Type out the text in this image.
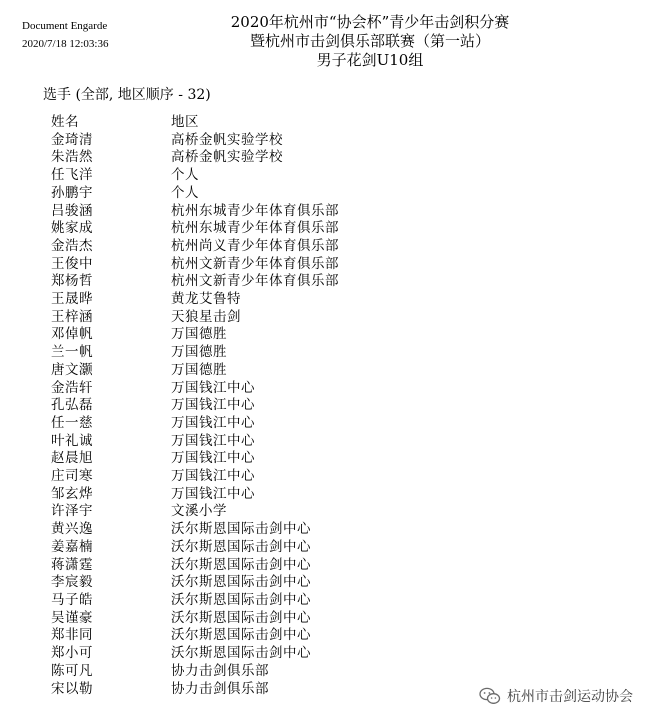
Document Engarde
2020/7/18 12:03:36
2020年杭州市“协会杯”青少年击剑积分赛
暨杭州市击剑俱乐部联赛（第一站）
男子花剑U10组
选手 (全部, 地区顺序 - 32)
姓名	地区
金琦清	高桥金帆实验学校
朱浩然	高桥金帆实验学校
任飞洋	个人
孙鹏宇	个人
吕骏涵	杭州东城青少年体育俱乐部
姚家成	杭州东城青少年体育俱乐部
金浩杰	杭州尚义青少年体育俱乐部
王俊中	杭州文新青少年体育俱乐部
郑杨哲	杭州文新青少年体育俱乐部
王晟晔	黄龙艾鲁特
王梓涵	天狼星击剑
邓倬帆	万国德胜
兰一帆	万国德胜
唐文灏	万国德胜
金浩轩	万国钱江中心
孔弘磊	万国钱江中心
任一慈	万国钱江中心
叶礼诚	万国钱江中心
赵晨旭	万国钱江中心
庄司寒	万国钱江中心
邹玄烨	万国钱江中心
许泽宇	文溪小学
黄兴逸	沃尔斯恩国际击剑中心
姜嘉楠	沃尔斯恩国际击剑中心
蒋潇霆	沃尔斯恩国际击剑中心
李宸毅	沃尔斯恩国际击剑中心
马子皓	沃尔斯恩国际击剑中心
吴谨豪	沃尔斯恩国际击剑中心
郑非同	沃尔斯恩国际击剑中心
郑小可	沃尔斯恩国际击剑中心
陈可凡	协力击剑俱乐部
宋以勒	协力击剑俱乐部
杭州市击剑运动协会
